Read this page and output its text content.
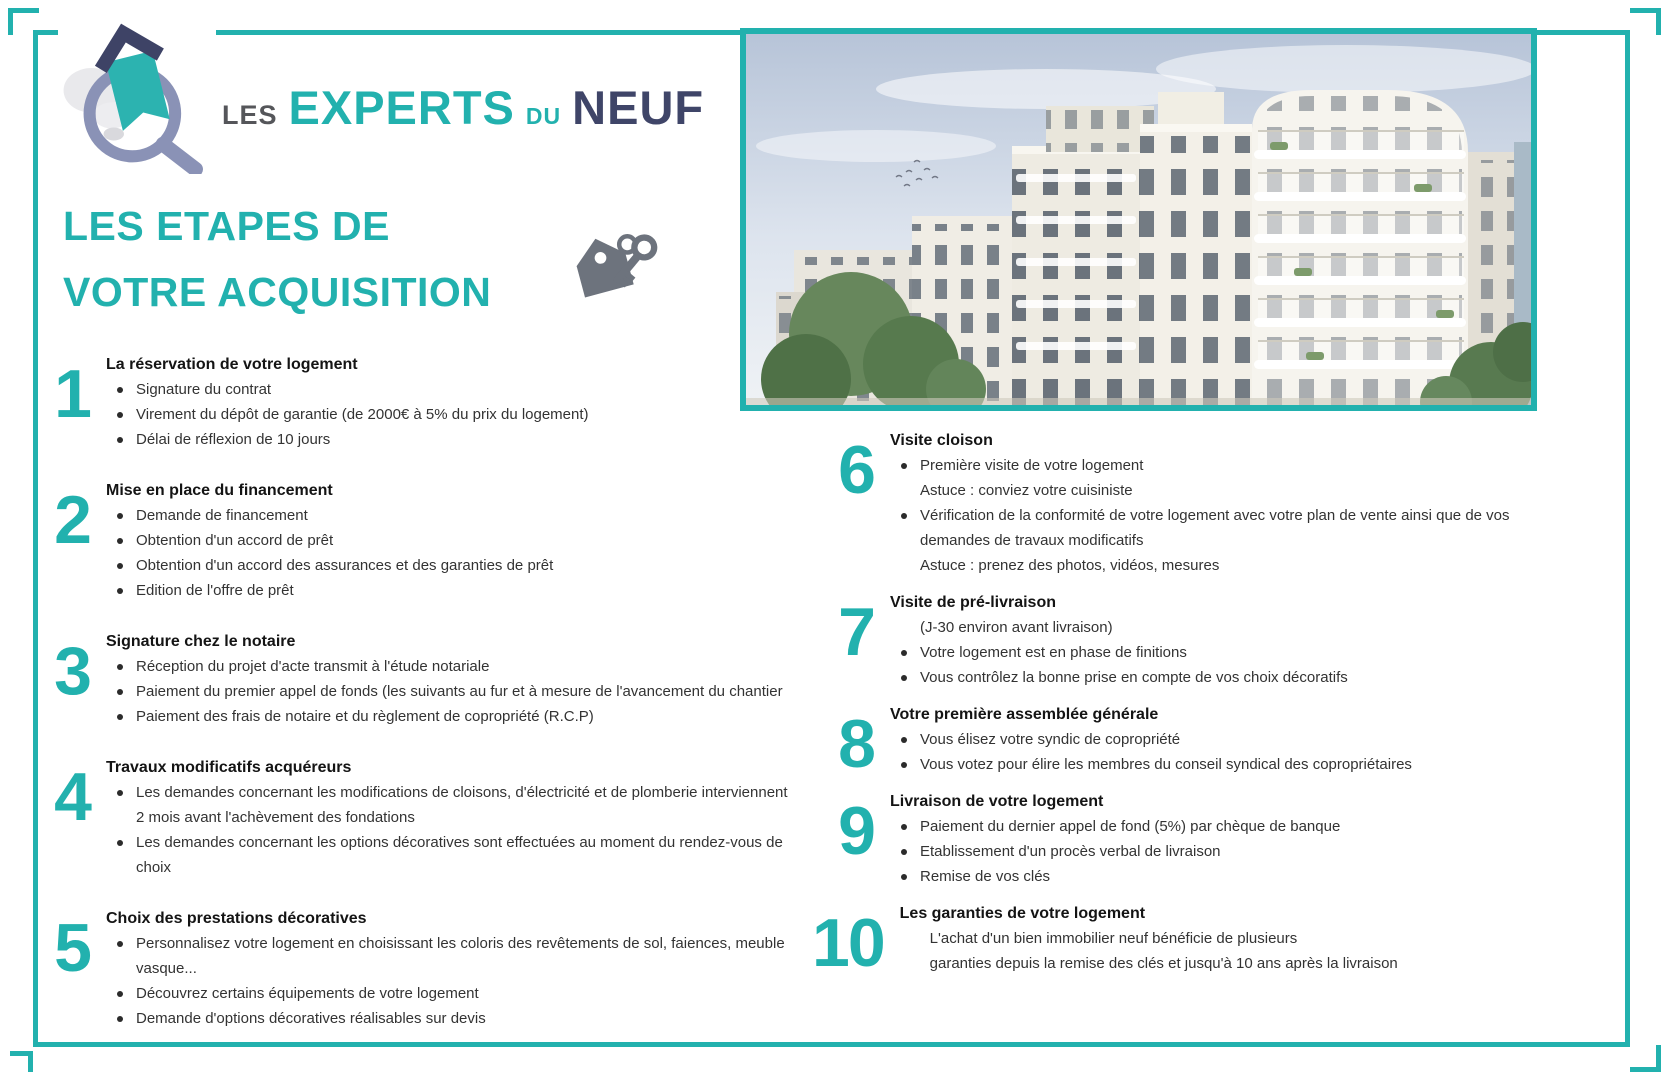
LES EXPERTS DU NEUF
LES ETAPES DE
VOTRE ACQUISITION
1 La réservation de votre logement
Signature du contrat
Virement du dépôt de garantie (de 2000€ à 5% du prix du logement)
Délai de réflexion de 10 jours
2 Mise en place du financement
Demande de financement
Obtention d'un accord de prêt
Obtention d'un accord des assurances et des garanties de prêt
Edition de l'offre de prêt
3 Signature chez le notaire
Réception du projet d'acte transmit à l'étude notariale
Paiement du premier appel de fonds (les suivants au fur et à mesure de l'avancement du chantier
Paiement des frais de notaire et du règlement de copropriété (R.C.P)
4 Travaux modificatifs acquéreurs
Les demandes concernant les modifications de cloisons, d'électricité et de plomberie interviennent 2 mois avant l'achèvement des fondations
Les demandes concernant les options décoratives sont effectuées au moment du rendez-vous de choix
5 Choix des prestations décoratives
Personnalisez votre logement en choisissant les coloris des revêtements de sol, faiences, meuble vasque...
Découvrez certains équipements de votre logement
Demande d'options décoratives réalisables sur devis
6 Visite cloison
Première visite de votre logement
Astuce : conviez votre cuisiniste
Vérification de la conformité de votre logement avec votre plan de vente ainsi que de vos demandes de travaux modificatifs
Astuce : prenez des photos, vidéos, mesures
7 Visite de pré-livraison
(J-30 environ avant livraison)
Votre logement est en phase de finitions
Vous contrôlez la bonne prise en compte de vos choix décoratifs
8 Votre première assemblée générale
Vous élisez votre syndic de copropriété
Vous votez pour élire les membres du conseil syndical des copropriétaires
9 Livraison de votre logement
Paiement du dernier appel de fond (5%) par chèque de banque
Etablissement d'un procès verbal de livraison
Remise de vos clés
10 Les garanties de votre logement
L'achat d'un bien immobilier neuf bénéficie de plusieurs
garanties depuis la remise des clés et jusqu'à 10 ans après la livraison
